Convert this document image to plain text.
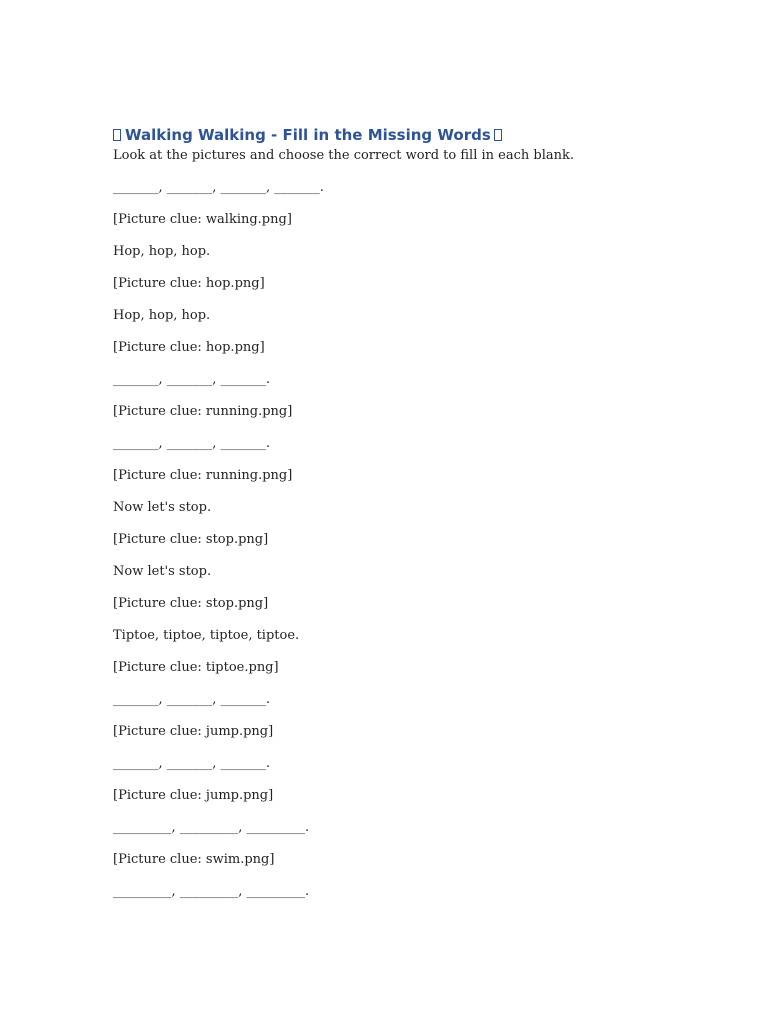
Walking Walking - Fill in the Missing Words

Look at the pictures and choose the correct word to fill in each blank.

_______, _______, _______, _______.
[Picture clue: walking.png]
Hop, hop, hop.
[Picture clue: hop.png]
Hop, hop, hop.
[Picture clue: hop.png]
_______, _______, _______.
[Picture clue: running.png]
_______, _______, _______.
[Picture clue: running.png]
Now let's stop.
[Picture clue: stop.png]
Now let's stop.
[Picture clue: stop.png]
Tiptoe, tiptoe, tiptoe, tiptoe.
[Picture clue: tiptoe.png]
_______, _______, _______.
[Picture clue: jump.png]
_______, _______, _______.
[Picture clue: jump.png]
_________, _________, _________.
[Picture clue: swim.png]
_________, _________, _________.
